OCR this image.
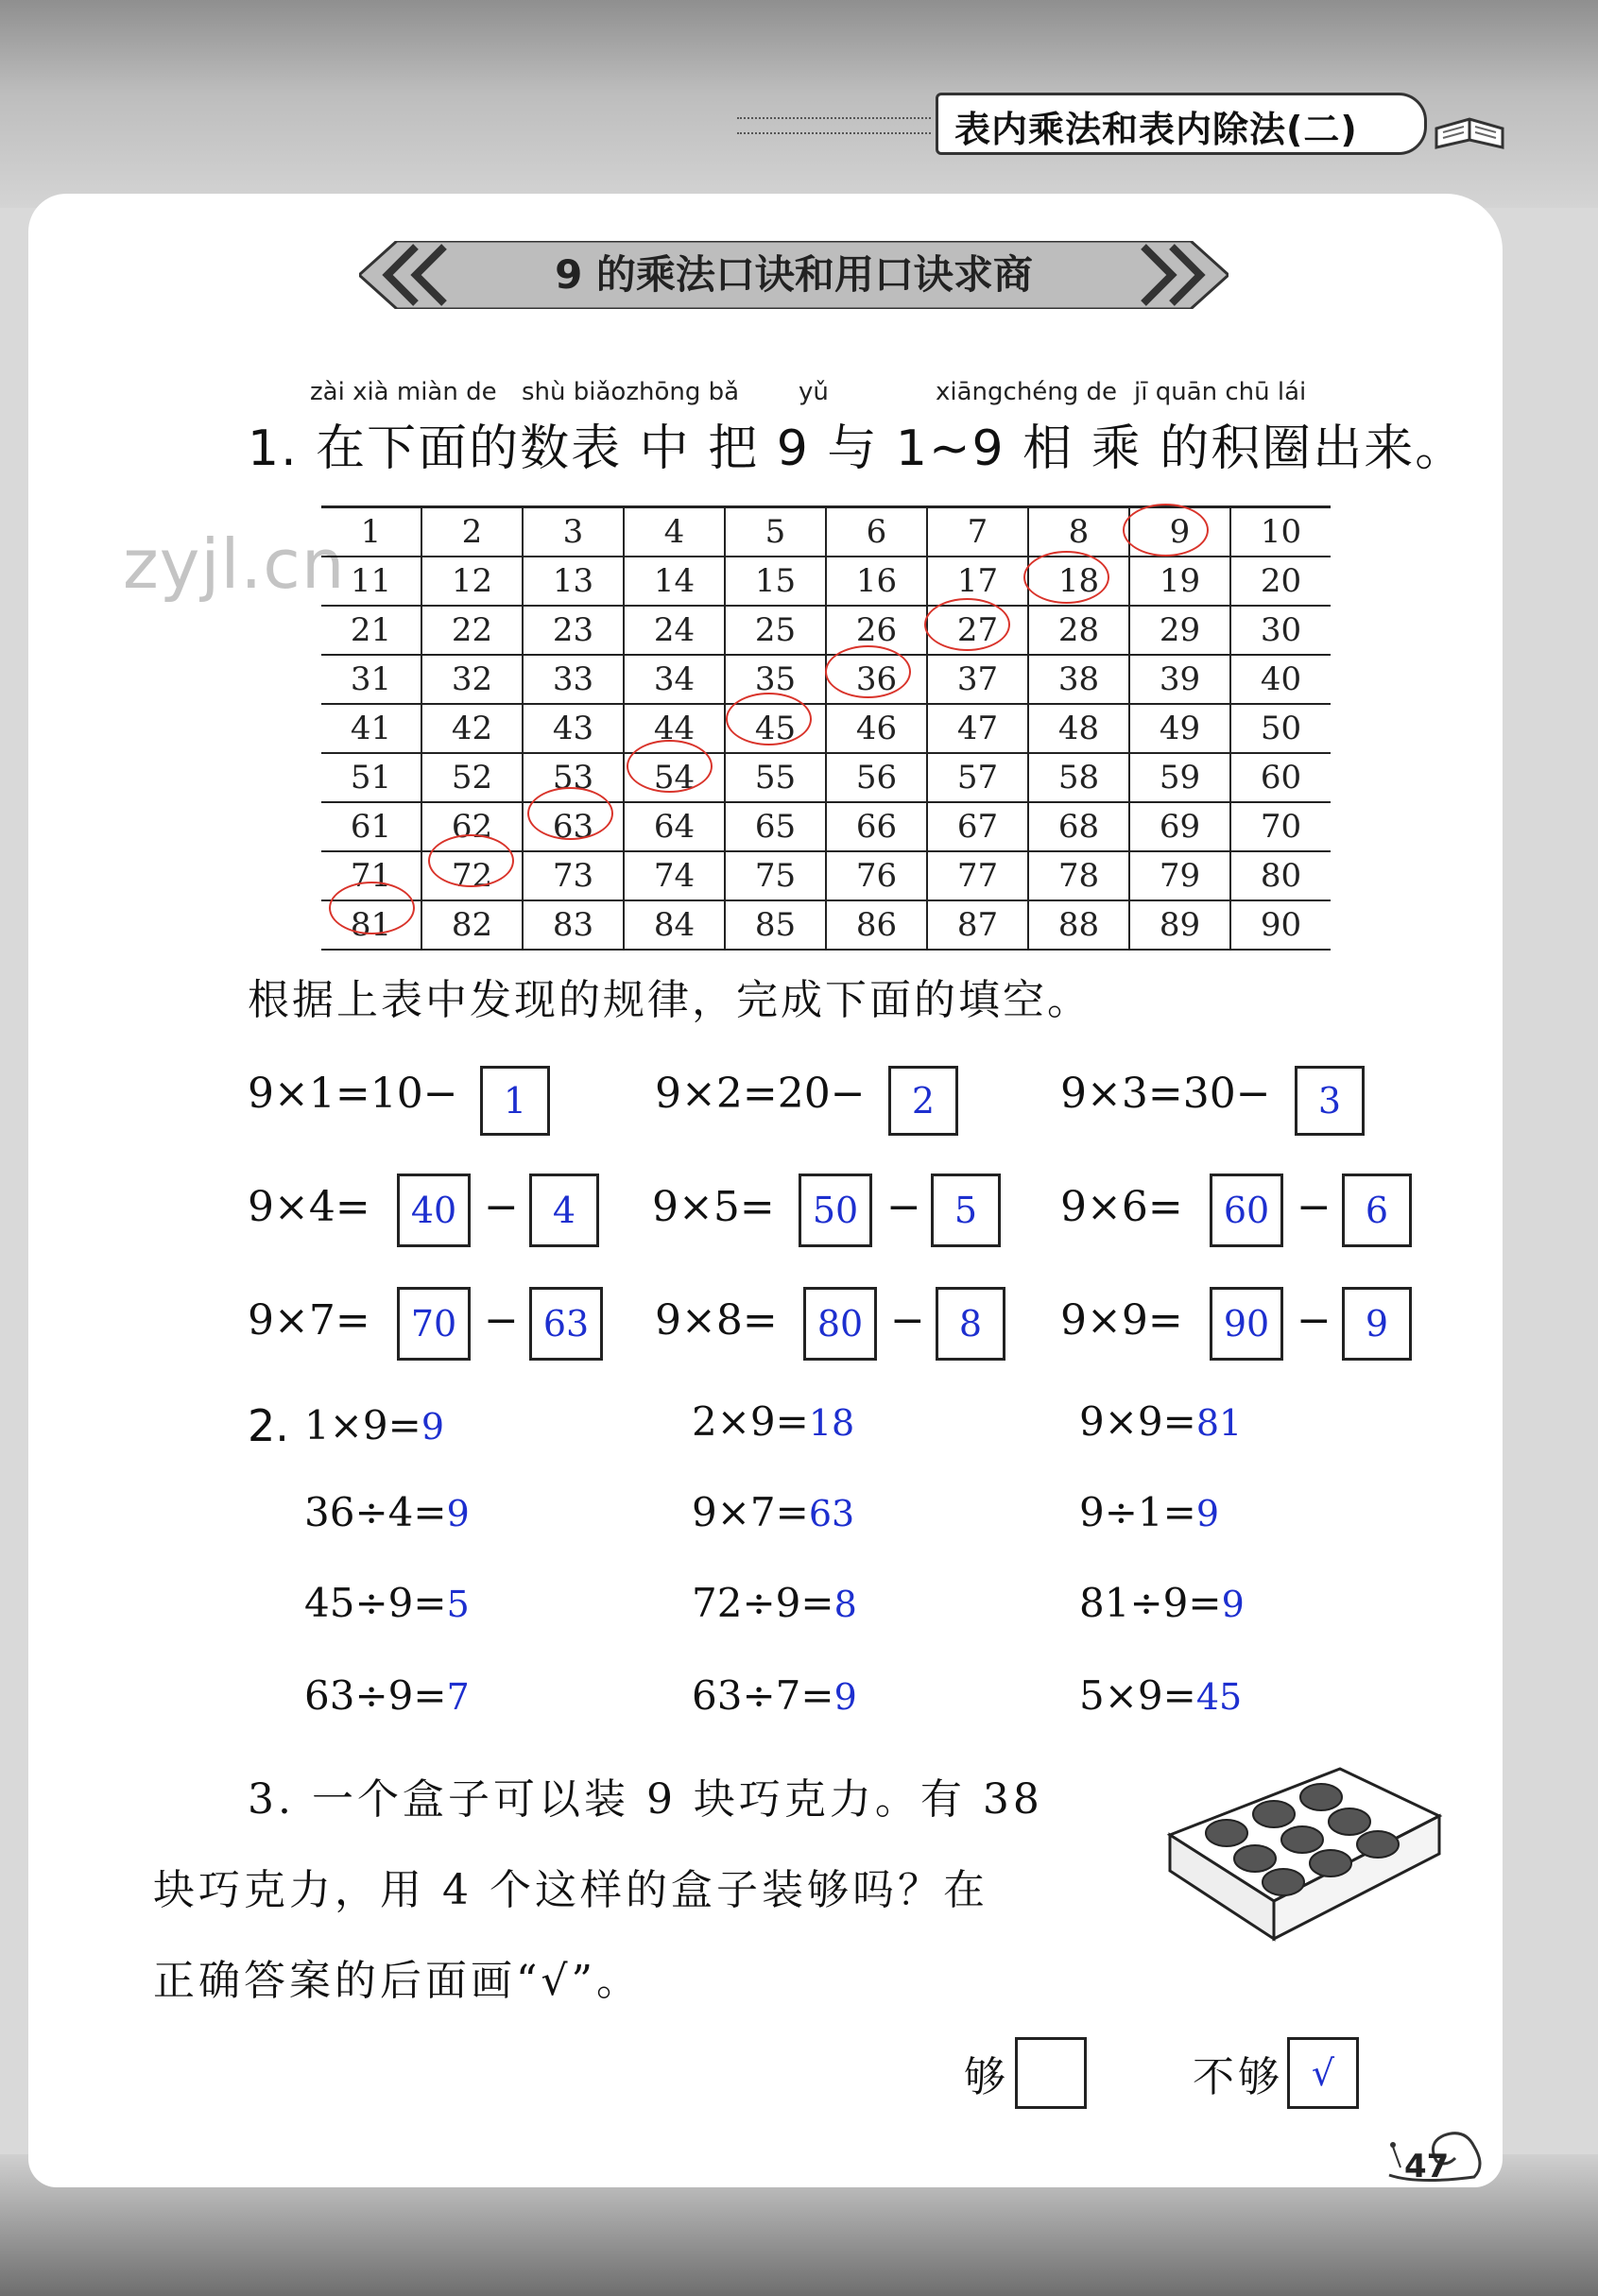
表内乘法和表内除法(二)
9 的乘法口诀和用口诀求商
zyjl.cn
zài xià miàn de shù biǎozhōng bǎ yǔ	xiāngchéng de jī quān chū lái
1. 在下面的数表 中 把 9 与 1~9 相 乘 的积圈出来。
1	2	3	4	5	6	7	8	9	10
11	12	13	14	15	16	17	18	19	20
21	22	23	24	25	26	27	28	29	30
31	32	33	34	35	36	37	38	39	40
41	42	43	44	45	46	47	48	49	50
51	52	53	54	55	56	57	58	59	60
61	62	63	64	65	66	67	68	69	70
71	72	73	74	75	76	77	78	79	80
81	82	83	84	85	86	87	88	89	90
根据上表中发现的规律，完成下面的填空。
9×1=10−	1	9×2=20−	2	9×3=30−	3
9×4=	40 − 4	9×5=	50 − 5	9×6=	60 − 6
9×7=	70 − 63	9×8=	80 − 8	9×9=	90 − 9
2. 1×9=9	2×9=18	9×9=81
36÷4=9	9×7=63	9÷1=9
45÷9=5	72÷9=8	81÷9=9
63÷9=7	63÷7=9	5×9=45
3. 一个盒子可以装 9 块巧克力。有 38
块巧克力，用 4 个这样的盒子装够吗？在
正确答案的后面画“√”。
够	不够 √
47
